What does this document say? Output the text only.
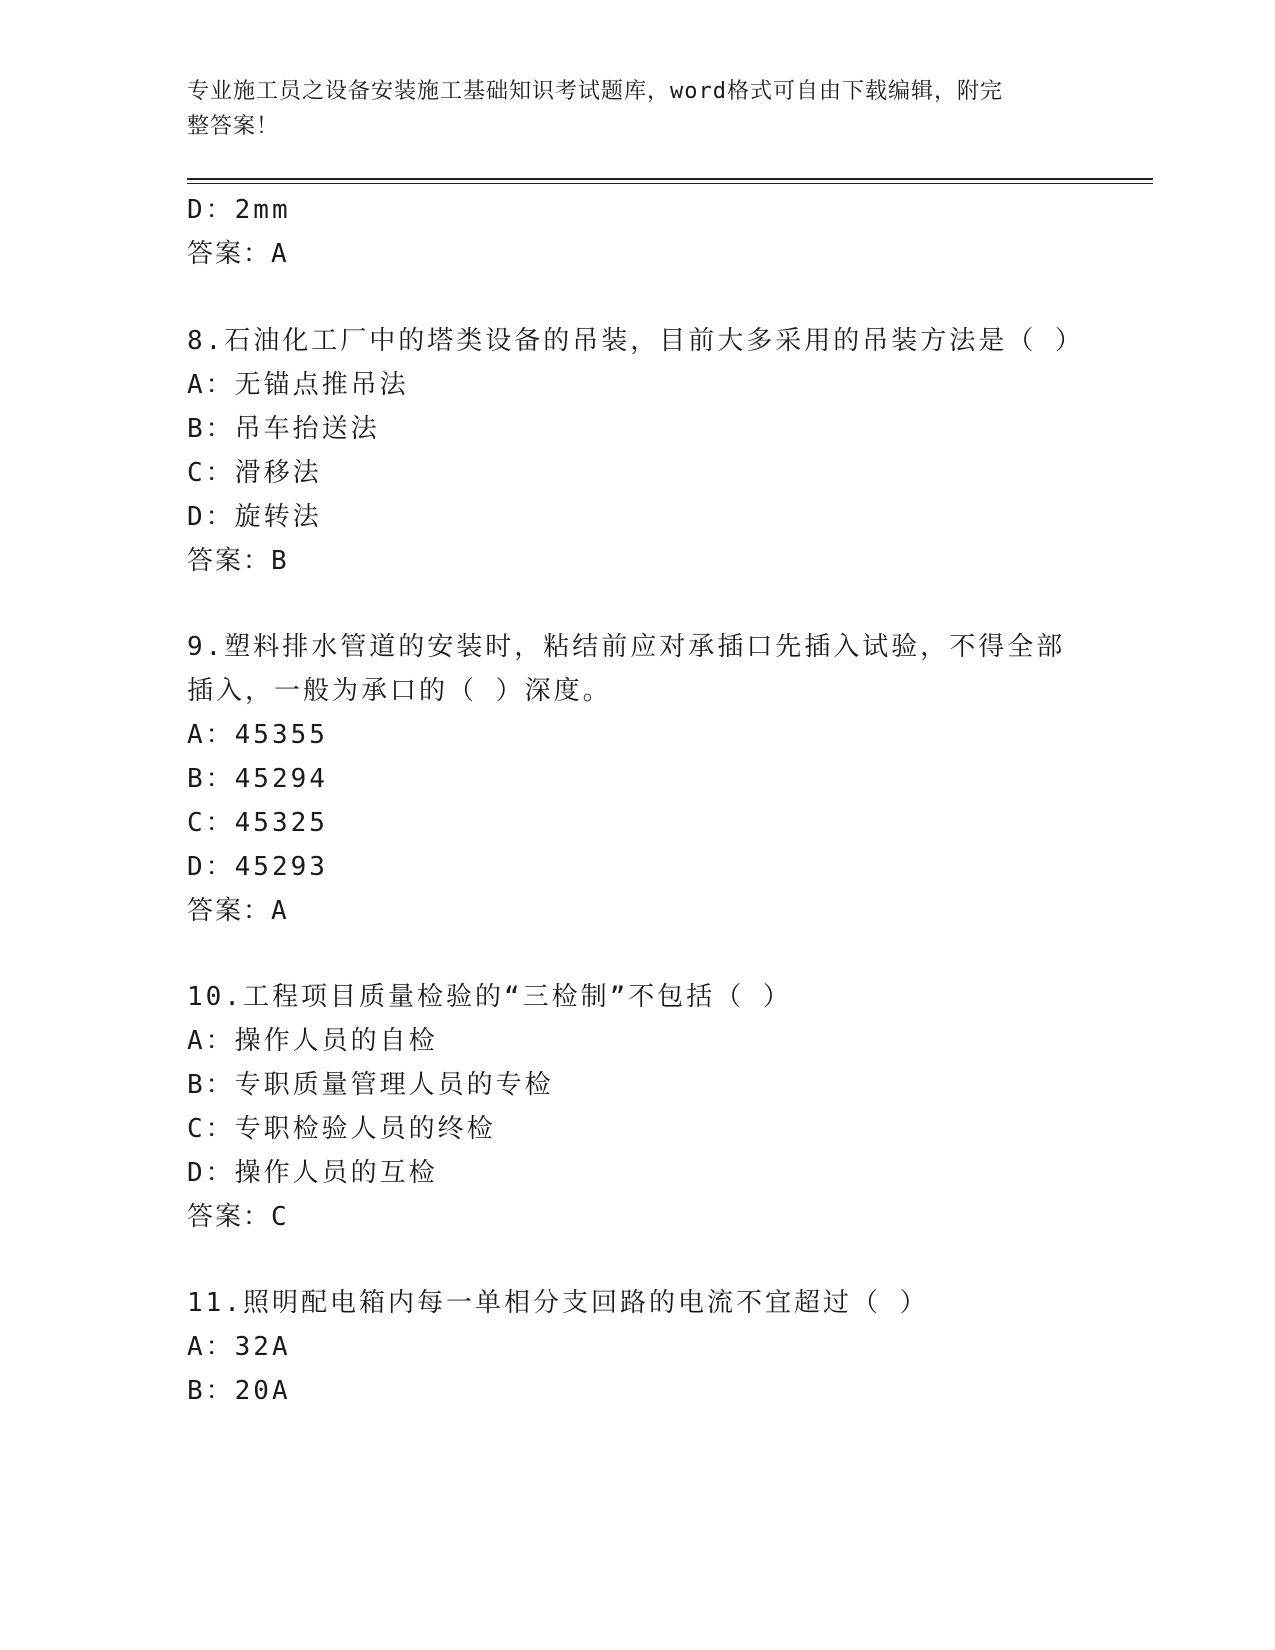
专业施工员之设备安装施工基础知识考试题库，word格式可自由下载编辑，附完
整答案！
D：2mm
答案：A
8.石油化工厂中的塔类设备的吊装，目前大多采用的吊装方法是（ ）
A：无锚点推吊法
B：吊车抬送法
C：滑移法
D：旋转法
答案：B
9.塑料排水管道的安装时，粘结前应对承插口先插入试验，不得全部
插入，一般为承口的（ ）深度。
A：45355
B：45294
C：45325
D：45293
答案：A
10.工程项目质量检验的“三检制”不包括（ ）
A：操作人员的自检
B：专职质量管理人员的专检
C：专职检验人员的终检
D：操作人员的互检
答案：C
11.照明配电箱内每一单相分支回路的电流不宜超过（ ）
A：32A
B：20A
